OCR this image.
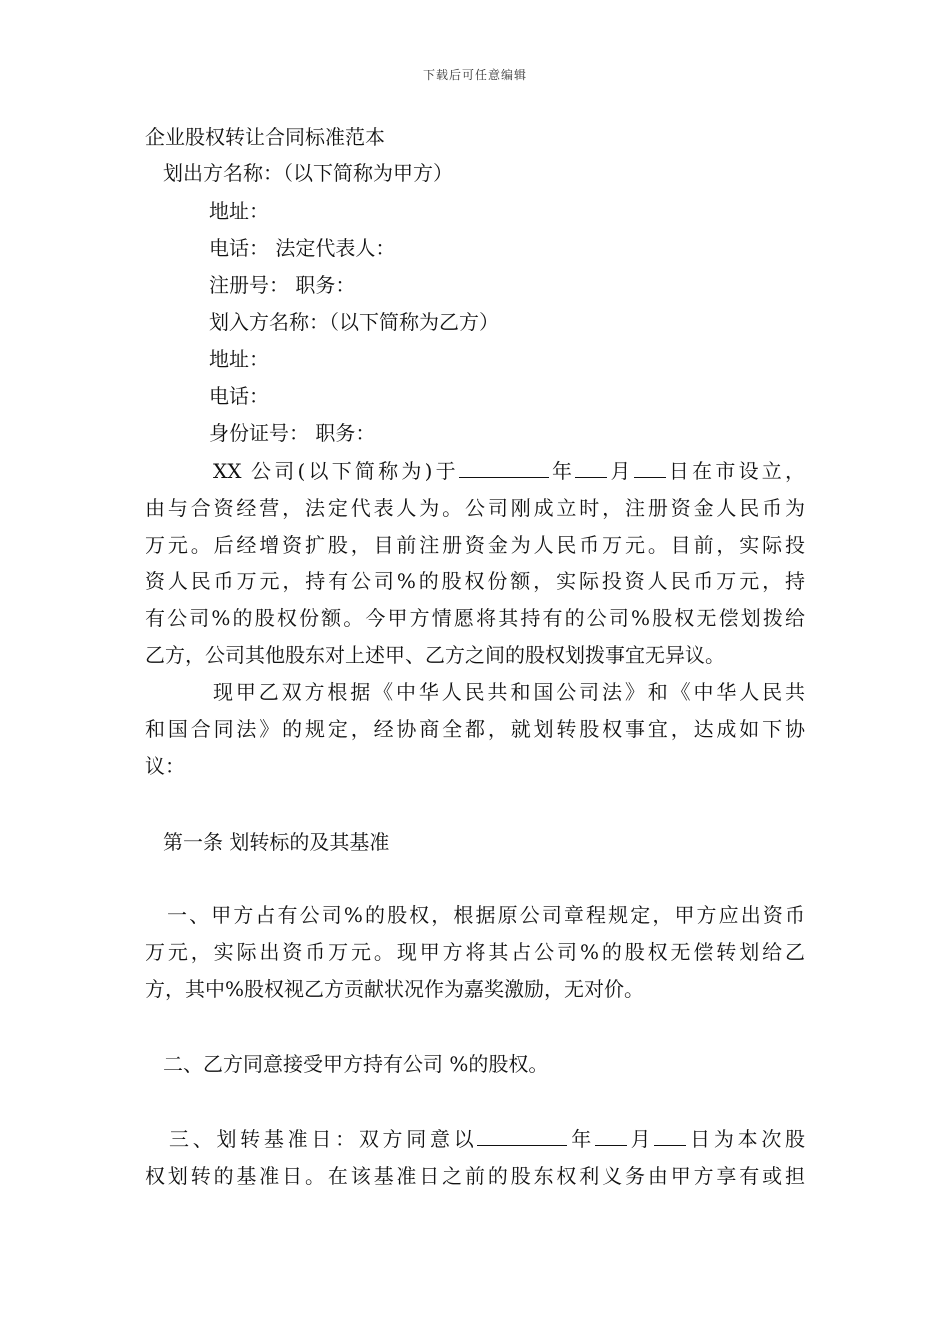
下载后可任意编辑
企业股权转让合同标准范本
划出方名称：（以下简称为甲方）
地址：
电话： 法定代表人：
注册号： 职务：
划入方名称：（以下简称为乙方）
地址：
电话：
身份证号： 职务：
XX 公司(以下简称为)于	年 月 日在市设立，
由与合资经营，法定代表人为。公司刚成立时，注册资金人民币为
万元。后经增资扩股，目前注册资金为人民币万元。目前，实际投
资人民币万元，持有公司%的股权份额，实际投资人民币万元，持
有公司%的股权份额。今甲方情愿将其持有的公司%股权无偿划拨给
乙方，公司其他股东对上述甲、乙方之间的股权划拨事宜无异议。
现甲乙双方根据《中华人民共和国公司法》和《中华人民共
和国合同法》的规定，经协商全都，就划转股权事宜，达成如下协
议：
第一条 划转标的及其基准
一、甲方占有公司%的股权，根据原公司章程规定，甲方应出资币
万元，实际出资币万元。现甲方将其占公司%的股权无偿转划给乙
方，其中%股权视乙方贡献状况作为嘉奖激励，无对价。
二、乙方同意接受甲方持有公司 %的股权。
三、划转基准日：双方同意以	年 月 日为本次股
权划转的基准日。在该基准日之前的股东权利义务由甲方享有或担
